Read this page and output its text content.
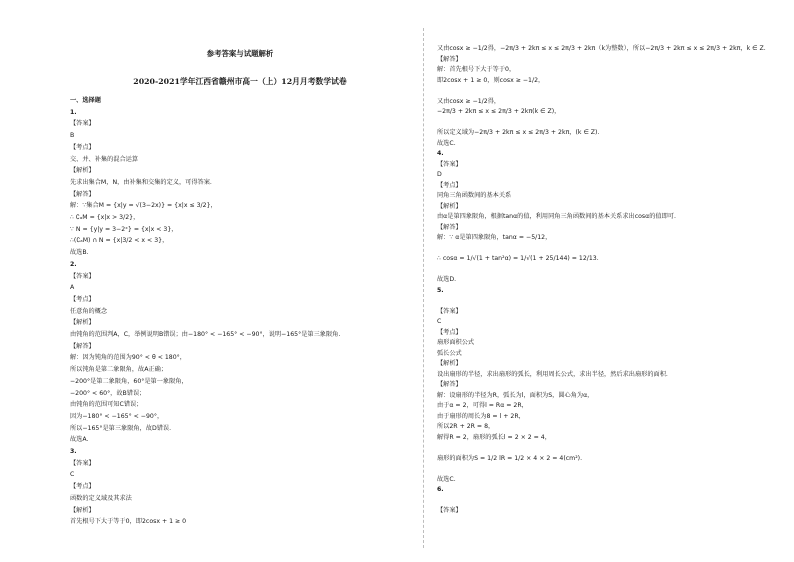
参考答案与试题解析
2020-2021学年江西省赣州市高一（上）12月月考数学试卷
一、选择题
1.
【答案】
B
【考点】
交、并、补集的混合运算
【解析】
先求出集合M，N，由补集和交集的定义，可得答案.
【解答】
解：∵集合M = {x|y = √(3−2x)} = {x|x ≤ 3/2}，
∴ ∁ₐM = {x|x > 3/2}，
∵ N = {y|y = 3−2ˣ} = {x|x < 3}，
∴(∁ₐM) ∩ N = {x|3/2 < x < 3}，
故选B.
2.
【答案】
A
【考点】
任意角的概念
【解析】
由钝角的范围判A，C，举例说明B错误；由−180° < −165° < −90°，说明−165°是第三象限角.
【解答】
解：因为钝角的范围为90° < θ < 180°，
所以钝角是第二象限角，故A正确；
−200°是第二象限角，60°是第一象限角，
−200° < 60°，故B错误；
由钝角的范围可知C错误；
因为−180° < −165° < −90°，
所以−165°是第三象限角，故D错误.
故选A.
3.
【答案】
C
【考点】
函数的定义域及其求法
【解析】
首先根号下大于等于0，即2cosx + 1 ≥ 0
又由cosx ≥ −1/2得，−2π/3 + 2kπ ≤ x ≤ 2π/3 + 2kπ（k为整数），所以−2π/3 + 2kπ ≤ x ≤ 2π/3 + 2kπ，k ∈ Z.
【解答】
解：首先根号下大于等于0，
即2cosx + 1 ≥ 0，则cosx ≥ −1/2，
又由cosx ≥ −1/2得，
−2π/3 + 2kπ ≤ x ≤ 2π/3 + 2kπ(k ∈ Z)，
所以定义域为−2π/3 + 2kπ ≤ x ≤ 2π/3 + 2kπ，(k ∈ Z).
故选C.
4.
【答案】
D
【考点】
同角三角函数间的基本关系
【解析】
由α是第四象限角，根据tanα的值，利用同角三角函数间的基本关系求出cosα的值即可.
【解答】
解：∵ α是第四象限角，tanα = −5/12，
∴ cosα = 1/√(1 + tan²α) = 1/√(1 + 25/144) = 12/13.
故选D.
5.
【答案】
C
【考点】
扇形面积公式
弧长公式
【解析】
设出扇形的半径，求出扇形的弧长，利用周长公式，求出半径，然后求出扇形的面积.
【解答】
解：设扇形的半径为R，弧长为l，面积为S，圆心角为α，
由于α = 2，可得l = Rα = 2R，
由于扇形的周长为8 = l + 2R，
所以2R + 2R = 8，
解得R = 2，扇形的弧长l = 2 × 2 = 4，
扇形的面积为S = 1/2 lR = 1/2 × 4 × 2 = 4(cm²).
故选C.
6.
【答案】
